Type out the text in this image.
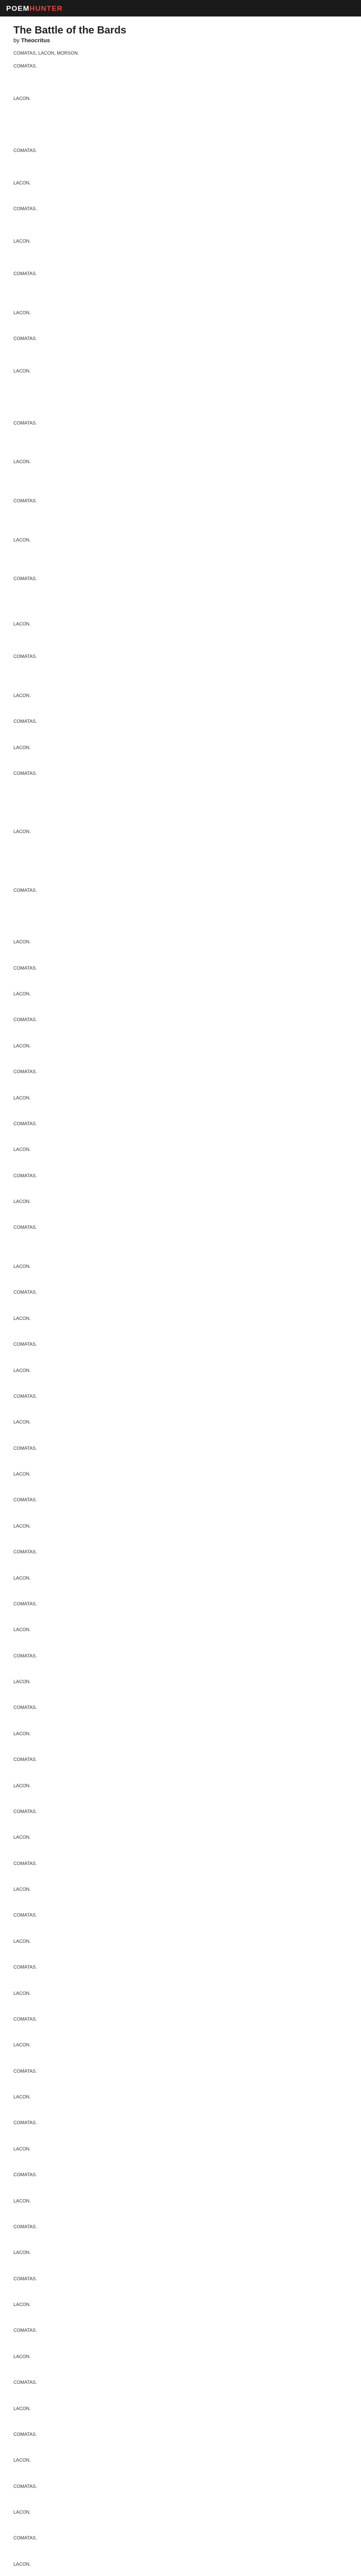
POEMHUNTER
The Battle of the Bards
by Theocritus
COMATAS, LACON, MORSON.
COMATAS.
LACON.
COMATAS.
LACON.
COMATAS.
LACON.
COMATAS.
LACON.
COMATAS.
LACON.
COMATAS.
LACON.
COMATAS.
LACON.
COMATAS.
LACON.
COMATAS.
LACON.
COMATAS.
LACON.
COMATAS.
LACON.
COMATAS.
LACON.
COMATAS.
LACON.
COMATAS.
LACON.
COMATAS.
LACON.
COMATAS.
LACON.
COMATAS.
LACON.
COMATAS.
LACON.
COMATAS.
LACON.
COMATAS.
LACON.
COMATAS.
LACON.
COMATAS.
LACON.
COMATAS.
LACON.
COMATAS.
LACON.
COMATAS.
LACON.
COMATAS.
LACON.
COMATAS.
LACON.
COMATAS.
LACON.
COMATAS.
LACON.
COMATAS.
LACON.
COMATAS.
LACON.
COMATAS.
LACON.
COMATAS.
LACON.
COMATAS.
LACON.
COMATAS.
LACON.
COMATAS.
LACON.
COMATAS.
LACON.
COMATAS.
LACON.
COMATAS.
LACON.
COMATAS.
LACON.
COMATAS.
LACON.
COMATAS.
LACON.
COMATAS.
LACON.
